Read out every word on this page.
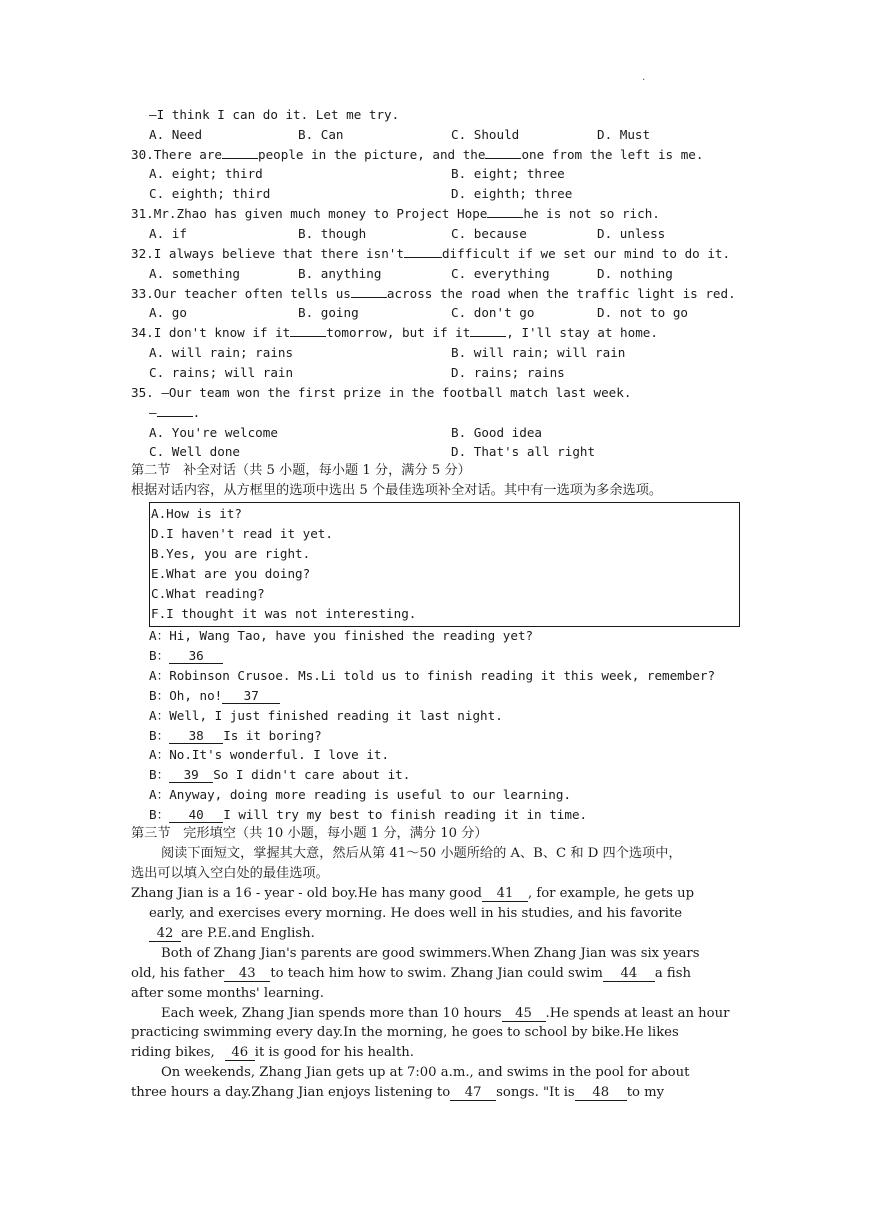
.
—I think I can do it. Let me try.
A. Need	B. Can	C. Should	D. Must
30.There are	people in the picture, and the	one from the left is me.
A. eight; third	B. eight; three
C. eighth; third	D. eighth; three
31.Mr.Zhao has given much money to Project Hope	he is not so rich.
A. if	B. though	C. because	D. unless
32.I always believe that there isn't	difficult if we set our mind to do it.
A. something	B. anything	C. everything	D. nothing
33.Our teacher often tells us	across the road when the traffic light is red.
A. go	B. going	C. don't go	D. not to go
34.I don't know if it	tomorrow, but if it	, I'll stay at home.
A. will rain; rains	B. will rain; will rain
C. rains; will rain	D. rains; rains
35. —Our team won the first prize in the football match last week.
—	.
A. You're welcome	B. Good idea
C. Well done	D. That's all right
第二节   补全对话（共 5 小题，每小题 1 分，满分 5 分）
根据对话内容，从方框里的选项中选出 5 个最佳选项补全对话。其中有一选项为多余选项。
A.How is it?
D.I haven't read it yet.
B.Yes, you are right.
E.What are you doing?
C.What reading?
F.I thought it was not interesting.
A：Hi, Wang Tao, have you finished the reading yet?
B： 36
A：Robinson Crusoe. Ms.Li told us to finish reading it this week, remember?
B：Oh, no! 37
A：Well, I just finished reading it last night.
B： 38 Is it boring?
A：No.It's wonderful. I love it.
B： 39 So I didn't care about it.
A：Anyway, doing more reading is useful to our learning.
B： 40 I will try my best to finish reading it in time.
第三节   完形填空（共 10 小题，每小题 1 分，满分 10 分）
阅读下面短文，掌握其大意，然后从第 41～50 小题所给的 A、B、C 和 D 四个选项中，
选出可以填入空白处的最佳选项。
Zhang Jian is a 16 - year - old boy.He has many good 41 , for example, he gets up
early, and exercises every morning. He does well in his studies, and his favorite
42 are P.E.and English.
Both of Zhang Jian's parents are good swimmers.When Zhang Jian was six years
old, his father 43 to teach him how to swim. Zhang Jian could swim 44 a fish
after some months' learning.
Each week, Zhang Jian spends more than 10 hours 45 .He spends at least an hour
practicing swimming every day.In the morning, he goes to school by bike.He likes
riding bikes, 46 it is good for his health.
On weekends, Zhang Jian gets up at 7:00 a.m., and swims in the pool for about
three hours a day.Zhang Jian enjoys listening to 47 songs. "It is 48 to my
